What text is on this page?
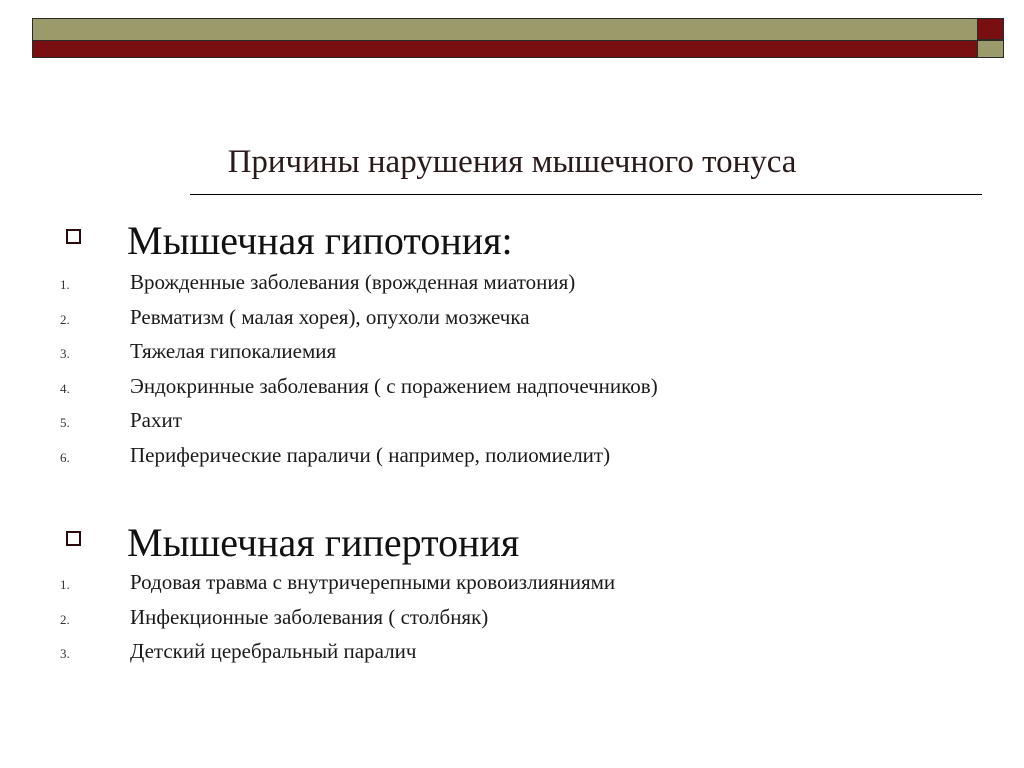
Причины нарушения мышечного тонуса
Мышечная гипотония:
1.	Врожденные заболевания (врожденная миатония)
2.	Ревматизм ( малая хорея), опухоли мозжечка
3.	Тяжелая гипокалиемия
4.	Эндокринные заболевания ( с поражением надпочечников)
5.	Рахит
6.	Периферические параличи ( например, полиомиелит)
Мышечная гипертония
1.	Родовая травма с внутричерепными кровоизлияниями
2.	Инфекционные заболевания ( столбняк)
3.	Детский церебральный паралич
